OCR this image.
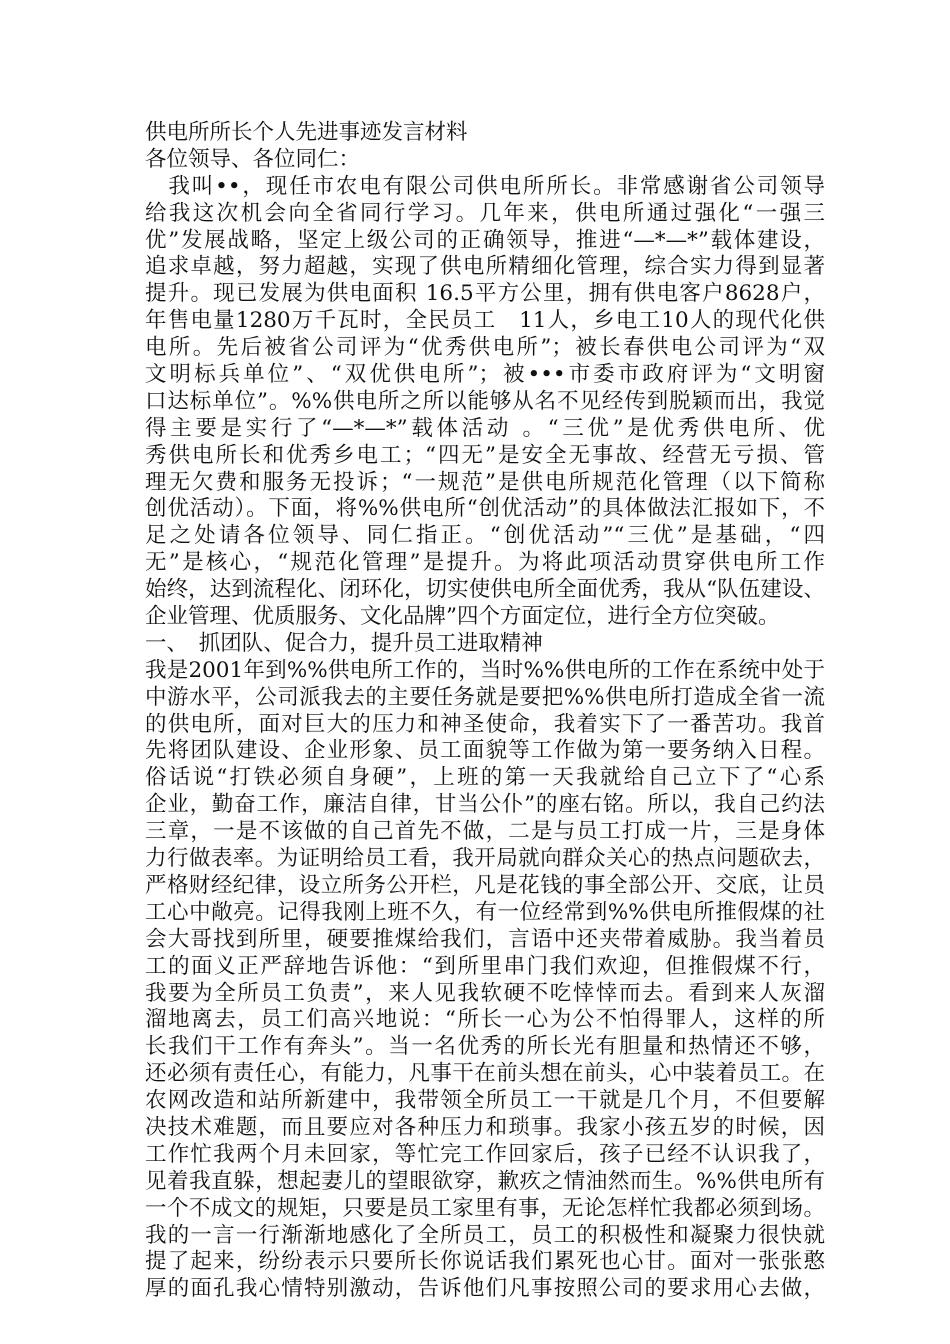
供电所所长个人先进事迹发言材料
各位领导、各位同仁：
　我叫••，现任市农电有限公司供电所所长。非常感谢省公司领导
给我这次机会向全省同行学习。几年来，供电所通过强化“一强三
优”发展战略，坚定上级公司的正确领导，推进“—*—*”载体建设，
追求卓越，努力超越，实现了供电所精细化管理，综合实力得到显著
提升。现已发展为供电面积 16.5平方公里，拥有供电客户8628户，
年售电量1280万千瓦时，全民员工　11人，乡电工10人的现代化供
电所。先后被省公司评为“优秀供电所”；被长春供电公司评为“双
文明标兵单位”、“双优供电所”；被•••市委市政府评为“文明窗
口达标单位”。%%供电所之所以能够从名不见经传到脱颖而出，我觉
得主要是实行了“—*—*”载体活动 。“三优”是优秀供电所、优
秀供电所长和优秀乡电工；“四无”是安全无事故、经营无亏损、管
理无欠费和服务无投诉；“一规范”是供电所规范化管理（以下简称
创优活动）。下面，将%%供电所“创优活动”的具体做法汇报如下，不
足之处请各位领导、同仁指正。“创优活动”“三优”是基础，“四
无”是核心，“规范化管理”是提升。为将此项活动贯穿供电所工作
始终，达到流程化、闭环化，切实使供电所全面优秀，我从“队伍建设、
企业管理、优质服务、文化品牌”四个方面定位，进行全方位突破。
一、　抓团队、促合力，提升员工进取精神
我是2001年到%%供电所工作的，当时%%供电所的工作在系统中处于
中游水平，公司派我去的主要任务就是要把%%供电所打造成全省一流
的供电所，面对巨大的压力和神圣使命，我着实下了一番苦功。我首
先将团队建设、企业形象、员工面貌等工作做为第一要务纳入日程。
俗话说“打铁必须自身硬”，上班的第一天我就给自己立下了“心系
企业，勤奋工作，廉洁自律，甘当公仆”的座右铭。所以，我自己约法
三章，一是不该做的自己首先不做，二是与员工打成一片，三是身体
力行做表率。为证明给员工看，我开局就向群众关心的热点问题砍去，
严格财经纪律，设立所务公开栏，凡是花钱的事全部公开、交底，让员
工心中敞亮。记得我刚上班不久，有一位经常到%%供电所推假煤的社
会大哥找到所里，硬要推煤给我们，言语中还夹带着威胁。我当着员
工的面义正严辞地告诉他：“到所里串门我们欢迎，但推假煤不行，
我要为全所员工负责”，来人见我软硬不吃悻悻而去。看到来人灰溜
溜地离去，员工们高兴地说：“所长一心为公不怕得罪人，这样的所
长我们干工作有奔头”。当一名优秀的所长光有胆量和热情还不够，
还必须有责任心，有能力，凡事干在前头想在前头，心中装着员工。在
农网改造和站所新建中，我带领全所员工一干就是几个月，不但要解
决技术难题，而且要应对各种压力和琐事。我家小孩五岁的时候，因
工作忙我两个月未回家，等忙完工作回家后，孩子已经不认识我了，
见着我直躲，想起妻儿的望眼欲穿，歉疚之情油然而生。%%供电所有
一个不成文的规矩，只要是员工家里有事，无论怎样忙我都必须到场。
我的一言一行渐渐地感化了全所员工，员工的积极性和凝聚力很快就
提了起来，纷纷表示只要所长你说话我们累死也心甘。面对一张张憨
厚的面孔我心情特别激动，告诉他们凡事按照公司的要求用心去做，
